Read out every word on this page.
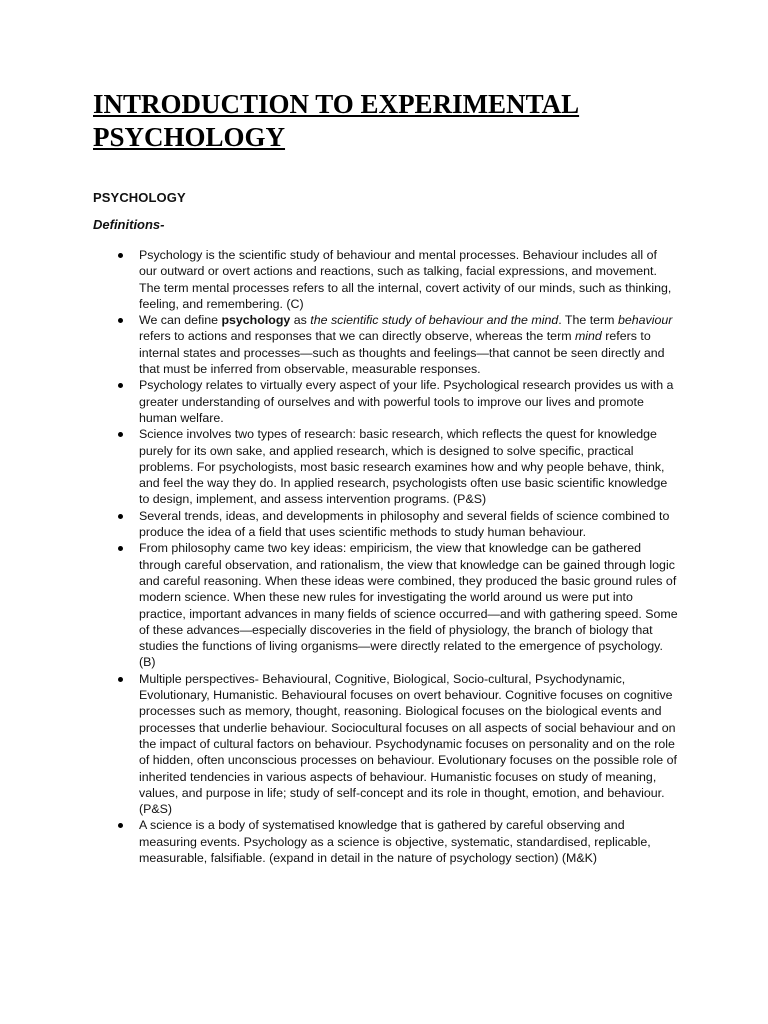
INTRODUCTION TO EXPERIMENTAL PSYCHOLOGY

PSYCHOLOGY

Definitions-

Psychology is the scientific study of behaviour and mental processes. Behaviour includes all of our outward or overt actions and reactions, such as talking, facial expressions, and movement. The term mental processes refers to all the internal, covert activity of our minds, such as thinking, feeling, and remembering. (C)
We can define psychology as the scientific study of behaviour and the mind. The term behaviour refers to actions and responses that we can directly observe, whereas the term mind refers to internal states and processes—such as thoughts and feelings—that cannot be seen directly and that must be inferred from observable, measurable responses.
Psychology relates to virtually every aspect of your life. Psychological research provides us with a greater understanding of ourselves and with powerful tools to improve our lives and promote human welfare.
Science involves two types of research: basic research, which reflects the quest for knowledge purely for its own sake, and applied research, which is designed to solve specific, practical problems. For psychologists, most basic research examines how and why people behave, think, and feel the way they do. In applied research, psychologists often use basic scientific knowledge to design, implement, and assess intervention programs. (P&S)
Several trends, ideas, and developments in philosophy and several fields of science combined to produce the idea of a field that uses scientific methods to study human behaviour.
From philosophy came two key ideas: empiricism, the view that knowledge can be gathered through careful observation, and rationalism, the view that knowledge can be gained through logic and careful reasoning. When these ideas were combined, they produced the basic ground rules of modern science. When these new rules for investigating the world around us were put into practice, important advances in many fields of science occurred—and with gathering speed. Some of these advances—especially discoveries in the field of physiology, the branch of biology that studies the functions of living organisms—were directly related to the emergence of psychology. (B)
Multiple perspectives- Behavioural, Cognitive, Biological, Socio-cultural, Psychodynamic, Evolutionary, Humanistic. Behavioural focuses on overt behaviour. Cognitive focuses on cognitive processes such as memory, thought, reasoning. Biological focuses on the biological events and processes that underlie behaviour. Sociocultural focuses on all aspects of social behaviour and on the impact of cultural factors on behaviour. Psychodynamic focuses on personality and on the role of hidden, often unconscious processes on behaviour. Evolutionary focuses on the possible role of inherited tendencies in various aspects of behaviour. Humanistic focuses on study of meaning, values, and purpose in life; study of self-concept and its role in thought, emotion, and behaviour. (P&S)
A science is a body of systematised knowledge that is gathered by careful observing and measuring events. Psychology as a science is objective, systematic, standardised, replicable, measurable, falsifiable. (expand in detail in the nature of psychology section) (M&K)
